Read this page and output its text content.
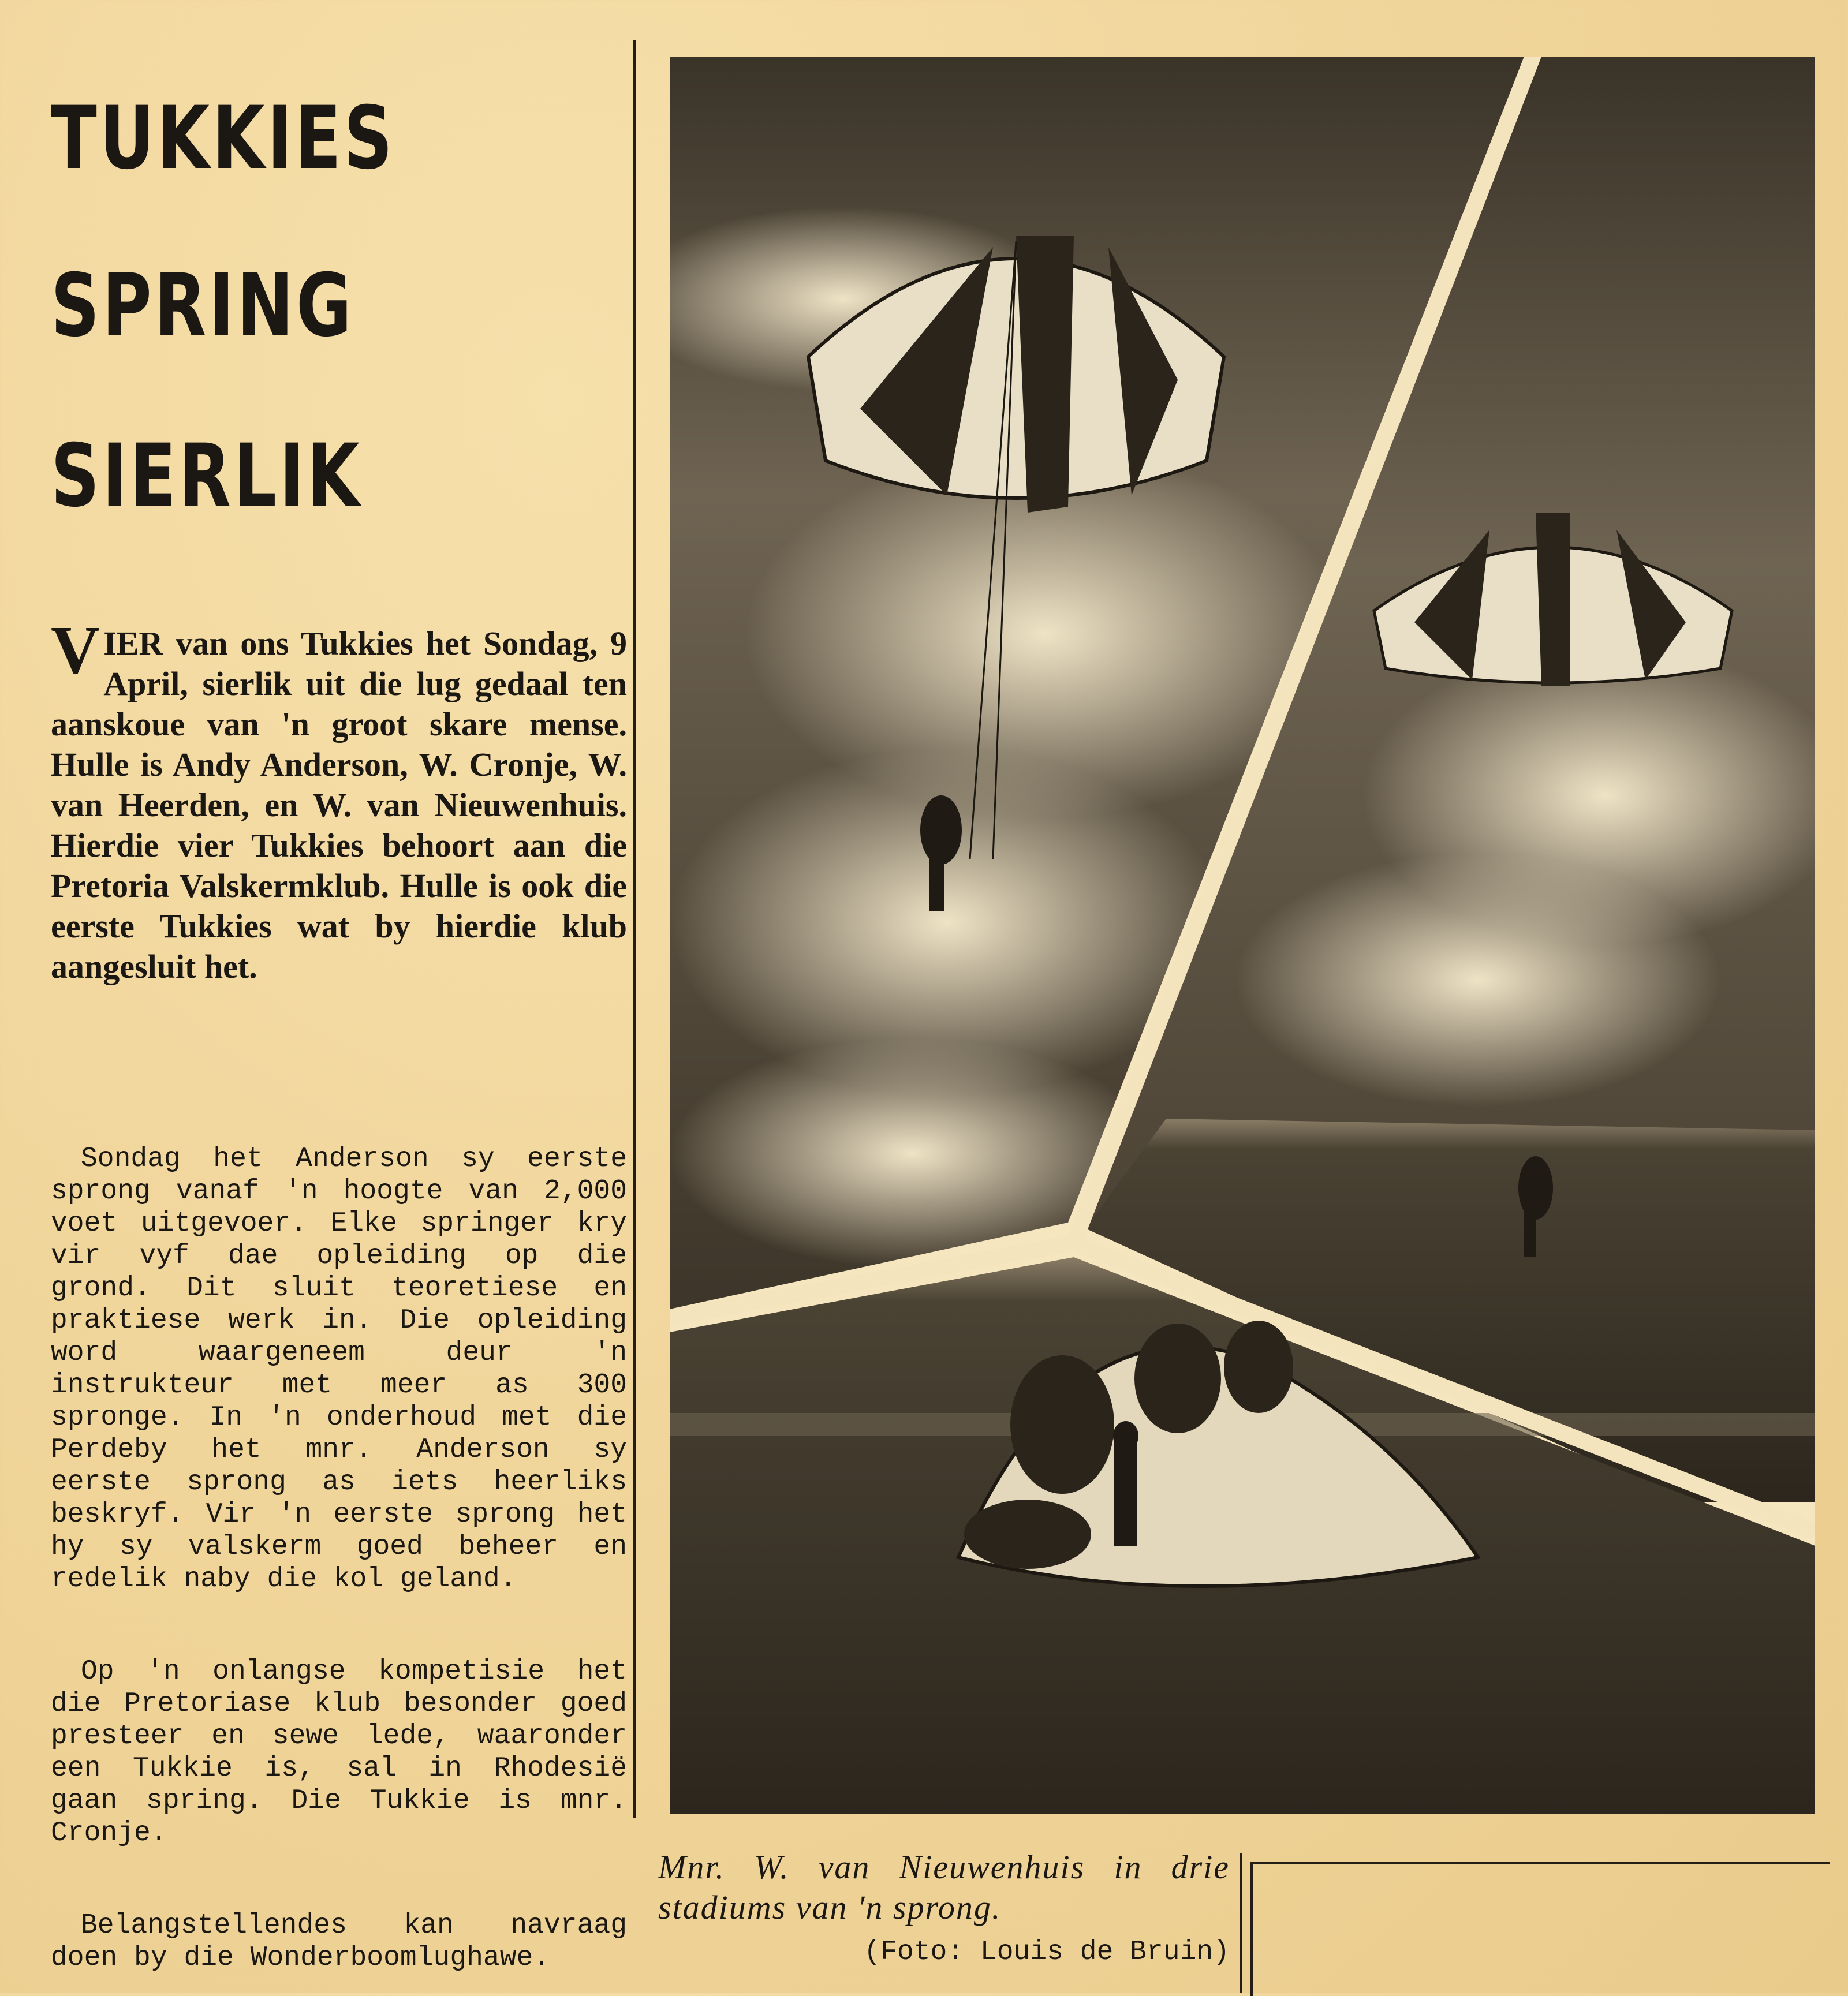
TUKKIES
SPRING
SIERLIK
VIER van ons Tukkies het Sondag, 9 April, sierlik uit die lug gedaal ten aanskoue van 'n groot skare mense. Hulle is Andy Anderson, W. Cronje, W. van Heerden, en W. van Nieuwenhuis. Hierdie vier Tukkies behoort aan die Pretoria Valskermklub. Hulle is ook die eerste Tukkies wat by hierdie klub aangesluit het.
Sondag het Anderson sy eerste sprong vanaf 'n hoogte van 2,000 voet uitgevoer. Elke springer kry vir vyf dae opleiding op die grond. Dit sluit teoretiese en praktiese werk in. Die opleiding word waargeneem deur 'n instrukteur met meer as 300 spronge. In 'n onderhoud met die Perdeby het mnr. Anderson sy eerste sprong as iets heerliks beskryf. Vir 'n eerste sprong het hy sy valskerm goed beheer en redelik naby die kol geland.
Op 'n onlangse kompetisie het die Pretoriase klub besonder goed presteer en sewe lede, waaronder een Tukkie is, sal in Rhodesië gaan spring. Die Tukkie is mnr. Cronje.
Belangstellendes kan navraag doen by die Wonderboomlughawe.
Mnr. W. van Nieuwenhuis in drie stadiums van 'n sprong.
(Foto: Louis de Bruin)
